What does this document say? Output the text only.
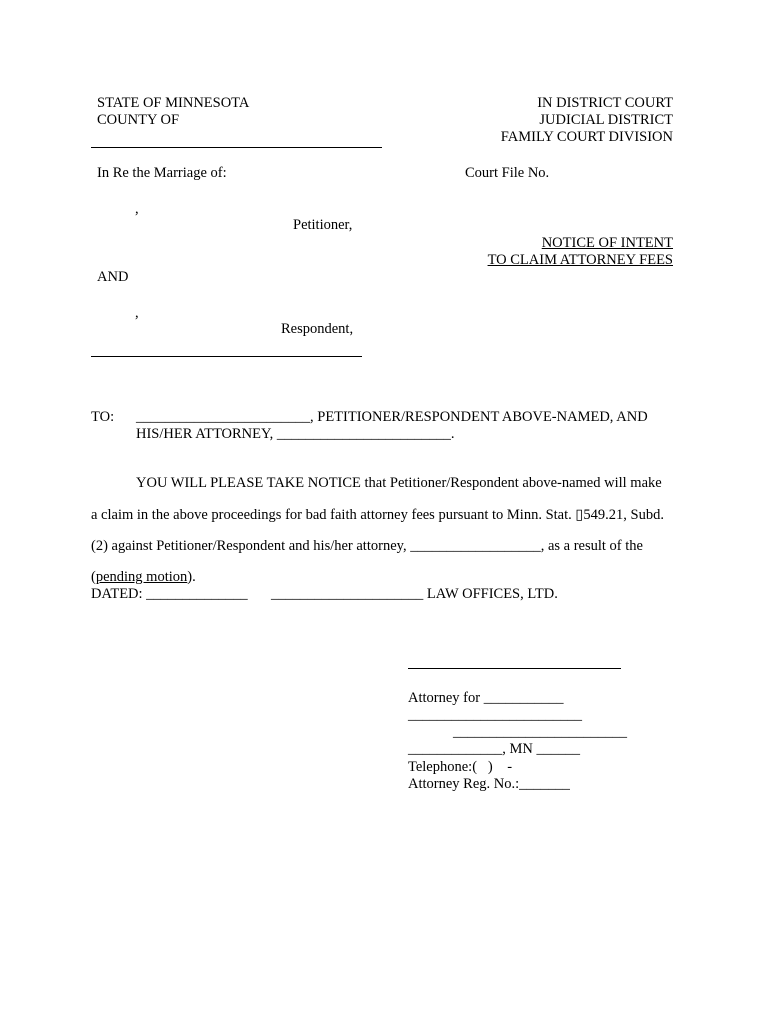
STATE OF MINNESOTA
COUNTY OF
IN DISTRICT COURT
JUDICIAL DISTRICT
FAMILY COURT DIVISION
In Re the Marriage of:	Court File No.
,
Petitioner,
NOTICE OF INTENT
TO CLAIM ATTORNEY FEES
AND
,
Respondent,
TO: ________________________, PETITIONER/RESPONDENT ABOVE-NAMED, AND
HIS/HER ATTORNEY, ________________________.
YOU WILL PLEASE TAKE NOTICE that Petitioner/Respondent above-named will make
a claim in the above proceedings for bad faith attorney fees pursuant to Minn. Stat. ▯549.21, Subd.
(2) against Petitioner/Respondent and his/her attorney, __________________, as a result of the
(pending motion).
DATED: ______________ _____________________ LAW OFFICES, LTD.
Attorney for ___________
________________________
________________________
_____________, MN ______
Telephone:(   )    -
Attorney Reg. No.:_______
